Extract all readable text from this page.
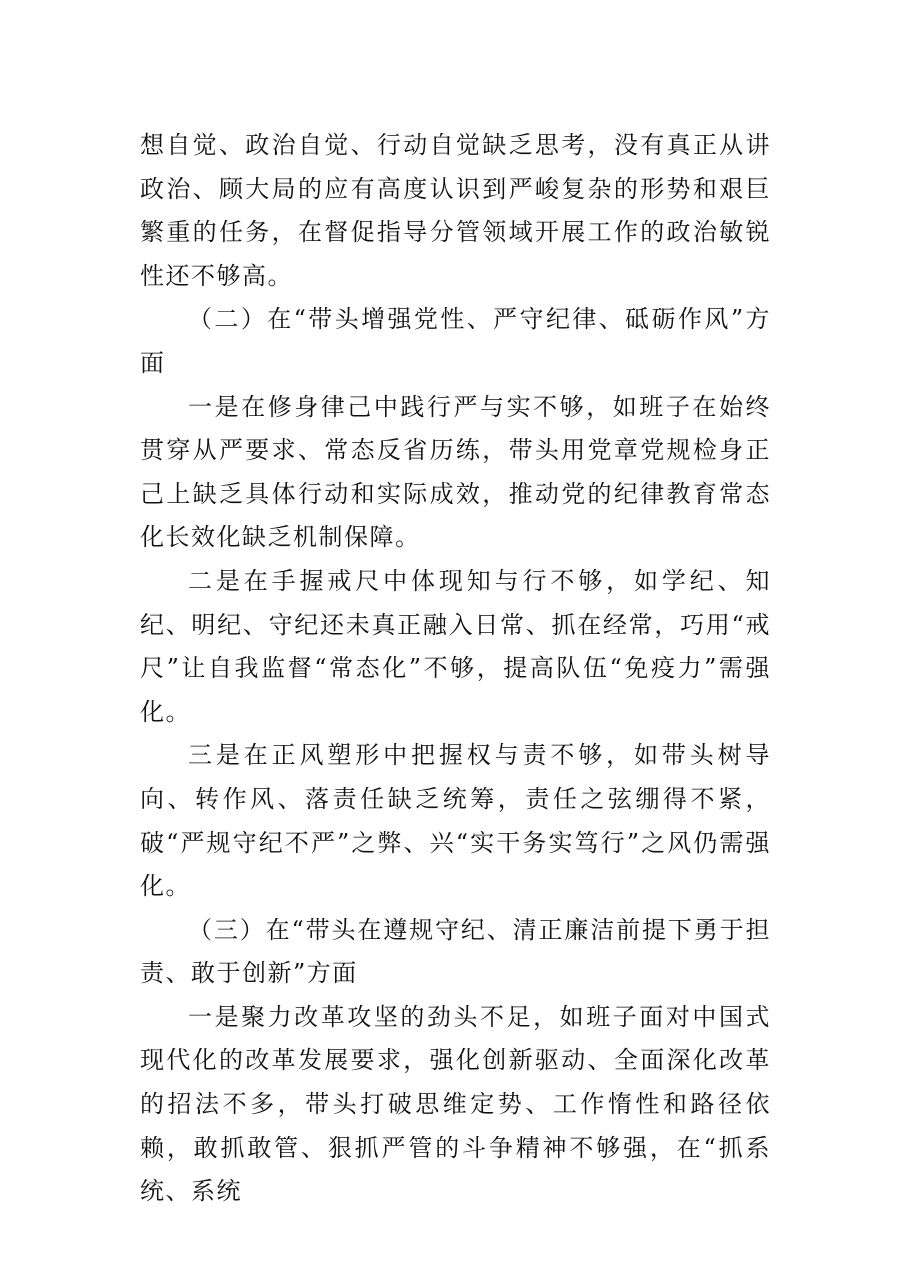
想自觉、政治自觉、行动自觉缺乏思考，没有真正从讲政治、顾大局的应有高度认识到严峻复杂的形势和艰巨繁重的任务，在督促指导分管领域开展工作的政治敏锐性还不够高。

（二）在“带头增强党性、严守纪律、砥砺作风”方面

一是在修身律己中践行严与实不够，如班子在始终贯穿从严要求、常态反省历练，带头用党章党规检身正己上缺乏具体行动和实际成效，推动党的纪律教育常态化长效化缺乏机制保障。

二是在手握戒尺中体现知与行不够，如学纪、知纪、明纪、守纪还未真正融入日常、抓在经常，巧用“戒尺”让自我监督“常态化”不够，提高队伍“免疫力”需强化。

三是在正风塑形中把握权与责不够，如带头树导向、转作风、落责任缺乏统筹，责任之弦绷得不紧，破“严规守纪不严”之弊、兴“实干务实笃行”之风仍需强化。

（三）在“带头在遵规守纪、清正廉洁前提下勇于担责、敢于创新”方面

一是聚力改革攻坚的劲头不足，如班子面对中国式现代化的改革发展要求，强化创新驱动、全面深化改革的招法不多，带头打破思维定势、工作惰性和路径依赖，敢抓敢管、狠抓严管的斗争精神不够强，在“抓系统、系统
